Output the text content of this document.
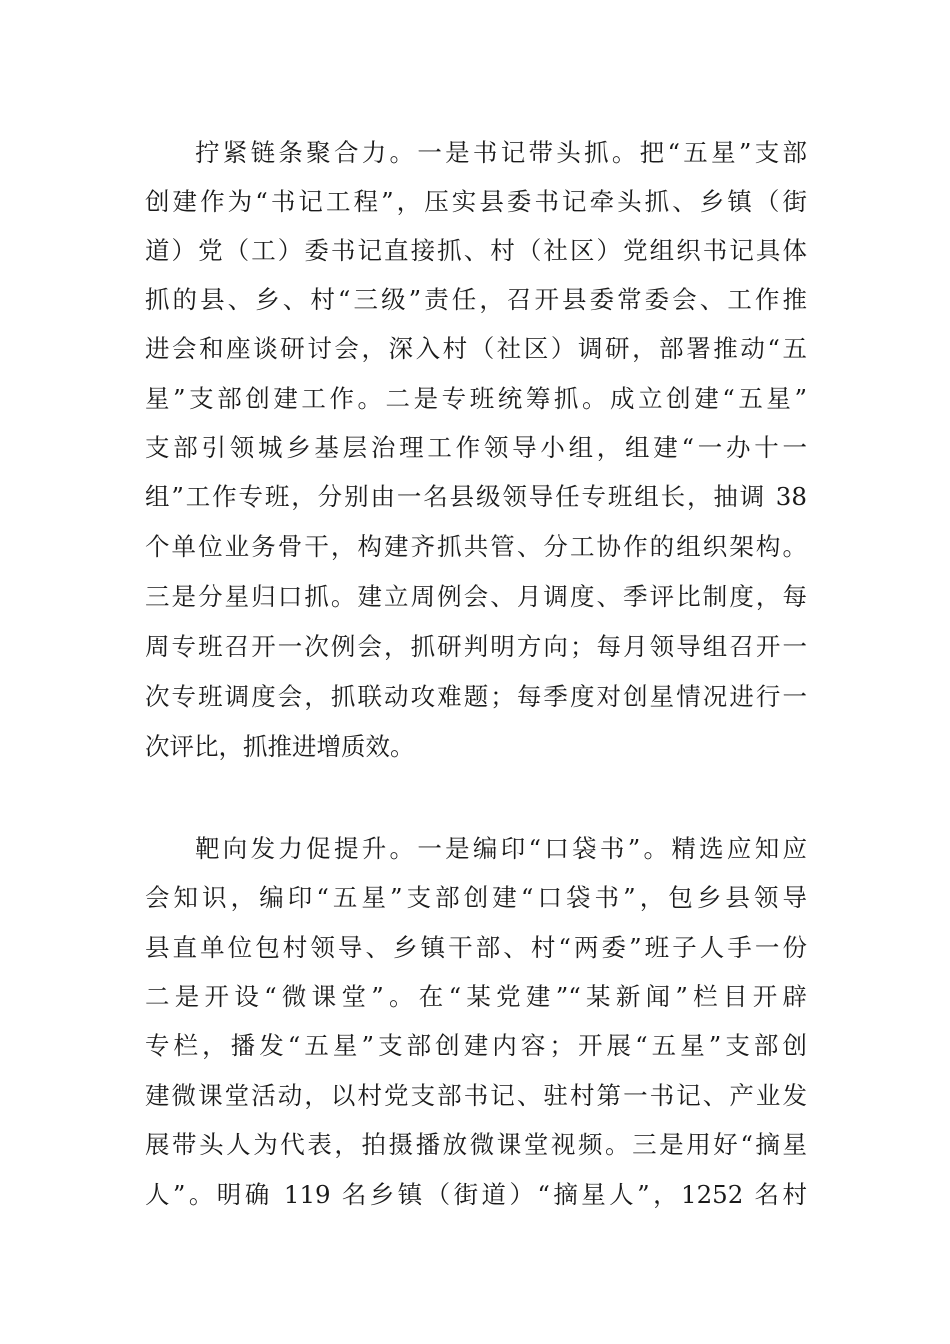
拧紧链条聚合力。一是书记带头抓。把“五星”支部
创建作为“书记工程”，压实县委书记牵头抓、乡镇（街
道）党（工）委书记直接抓、村（社区）党组织书记具体
抓的县、乡、村“三级”责任，召开县委常委会、工作推
进会和座谈研讨会，深入村（社区）调研，部署推动“五
星”支部创建工作。二是专班统筹抓。成立创建“五星”
支部引领城乡基层治理工作领导小组，组建“一办十一
组”工作专班，分别由一名县级领导任专班组长，抽调 38
个单位业务骨干，构建齐抓共管、分工协作的组织架构。
三是分星归口抓。建立周例会、月调度、季评比制度，每
周专班召开一次例会，抓研判明方向；每月领导组召开一
次专班调度会，抓联动攻难题；每季度对创星情况进行一
次评比，抓推进增质效。
靶向发力促提升。一是编印“口袋书”。精选应知应
会知识，编印“五星”支部创建“口袋书”，包乡县领导
县直单位包村领导、乡镇干部、村“两委”班子人手一份
二是开设“微课堂”。在“某党建”“某新闻”栏目开辟
专栏，播发“五星”支部创建内容；开展“五星”支部创
建微课堂活动，以村党支部书记、驻村第一书记、产业发
展带头人为代表，拍摄播放微课堂视频。三是用好“摘星
人”。明确 119 名乡镇（街道）“摘星人”，1252 名村
